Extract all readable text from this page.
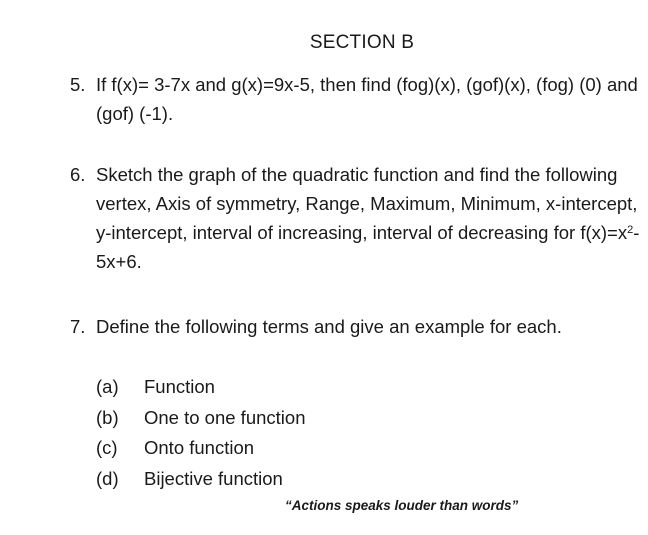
SECTION B
5. If f(x)= 3-7x and g(x)=9x-5, then find (fog)(x), (gof)(x), (fog) (0) and (gof) (-1).
6. Sketch the graph of the quadratic function and find the following vertex, Axis of symmetry, Range, Maximum, Minimum, x-intercept, y-intercept, interval of increasing, interval of decreasing for $f(x)=x^2-5x+6$.
7. Define the following terms and give an example for each.
(a) Function
(b) One to one function
(c) Onto function
(d) Bijective function
“Actions speaks louder than words”
